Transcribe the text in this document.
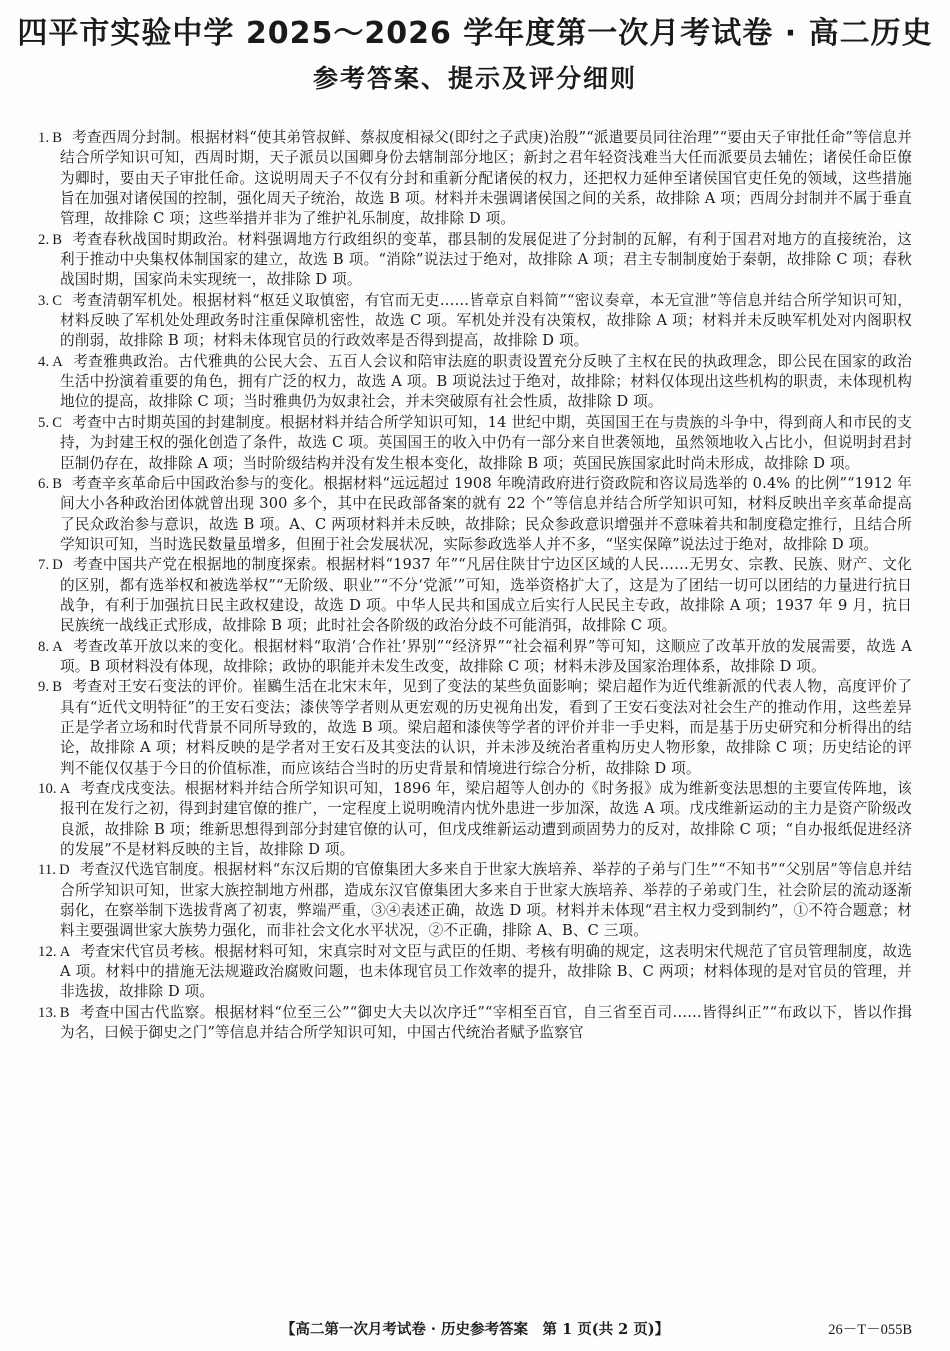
四平市实验中学 2025～2026 学年度第一次月考试卷 · 高二历史
参考答案、提示及评分细则

1. B 考查西周分封制。根据材料“使其弟管叔鲜、蔡叔度相禄父(即纣之子武庚)治殷”“派遣要员同往治理”“要由天子审批任命”等信息并结合所学知识可知，西周时期，天子派员以国卿身份去辖制部分地区；新封之君年轻资浅难当大任而派要员去辅佐；诸侯任命臣僚为卿时，要由天子审批任命。这说明周天子不仅有分封和重新分配诸侯的权力，还把权力延伸至诸侯国官吏任免的领域，这些措施旨在加强对诸侯国的控制，强化周天子统治，故选 B 项。材料并未强调诸侯国之间的关系，故排除 A 项；西周分封制并不属于垂直管理，故排除 C 项；这些举措并非为了维护礼乐制度，故排除 D 项。

2. B 考查春秋战国时期政治。材料强调地方行政组织的变革，郡县制的发展促进了分封制的瓦解，有利于国君对地方的直接统治，这利于推动中央集权体制国家的建立，故选 B 项。“消除”说法过于绝对，故排除 A 项；君主专制制度始于秦朝，故排除 C 项；春秋战国时期，国家尚未实现统一，故排除 D 项。

3. C 考查清朝军机处。根据材料“枢廷义取慎密，有官而无吏……皆章京自料简”“密议奏章，本无宣泄”等信息并结合所学知识可知，材料反映了军机处处理政务时注重保障机密性，故选 C 项。军机处并没有决策权，故排除 A 项；材料并未反映军机处对内阁职权的削弱，故排除 B 项；材料未体现官员的行政效率是否得到提高，故排除 D 项。

4. A 考查雅典政治。古代雅典的公民大会、五百人会议和陪审法庭的职责设置充分反映了主权在民的执政理念，即公民在国家的政治生活中扮演着重要的角色，拥有广泛的权力，故选 A 项。B 项说法过于绝对，故排除；材料仅体现出这些机构的职责，未体现机构地位的提高，故排除 C 项；当时雅典仍为奴隶社会，并未突破原有社会性质，故排除 D 项。

5. C 考查中古时期英国的封建制度。根据材料并结合所学知识可知，14 世纪中期，英国国王在与贵族的斗争中，得到商人和市民的支持，为封建王权的强化创造了条件，故选 C 项。英国国王的收入中仍有一部分来自世袭领地，虽然领地收入占比小，但说明封君封臣制仍存在，故排除 A 项；当时阶级结构并没有发生根本变化，故排除 B 项；英国民族国家此时尚未形成，故排除 D 项。

6. B 考查辛亥革命后中国政治参与的变化。根据材料“远远超过 1908 年晚清政府进行资政院和咨议局选举的 0.4% 的比例”“1912 年间大小各种政治团体就曾出现 300 多个，其中在民政部备案的就有 22 个”等信息并结合所学知识可知，材料反映出辛亥革命提高了民众政治参与意识，故选 B 项。A、C 两项材料并未反映，故排除；民众参政意识增强并不意味着共和制度稳定推行，且结合所学知识可知，当时选民数量虽增多，但囿于社会发展状况，实际参政选举人并不多，“坚实保障”说法过于绝对，故排除 D 项。

7. D 考查中国共产党在根据地的制度探索。根据材料“1937 年”“凡居住陕甘宁边区区域的人民……无男女、宗教、民族、财产、文化的区别，都有选举权和被选举权”“无阶级、职业”“不分‘党派’”可知，选举资格扩大了，这是为了团结一切可以团结的力量进行抗日战争，有利于加强抗日民主政权建设，故选 D 项。中华人民共和国成立后实行人民民主专政，故排除 A 项；1937 年 9 月，抗日民族统一战线正式形成，故排除 B 项；此时社会各阶级的政治分歧不可能消弭，故排除 C 项。

8. A 考查改革开放以来的变化。根据材料“取消‘合作社’界别”“经济界”“社会福利界”等可知，这顺应了改革开放的发展需要，故选 A 项。B 项材料没有体现，故排除；政协的职能并未发生改变，故排除 C 项；材料未涉及国家治理体系，故排除 D 项。

9. B 考查对王安石变法的评价。崔鶠生活在北宋末年，见到了变法的某些负面影响；梁启超作为近代维新派的代表人物，高度评价了具有“近代文明特征”的王安石变法；漆侠等学者则从更宏观的历史视角出发，看到了王安石变法对社会生产的推动作用，这些差异正是学者立场和时代背景不同所导致的，故选 B 项。梁启超和漆侠等学者的评价并非一手史料，而是基于历史研究和分析得出的结论，故排除 A 项；材料反映的是学者对王安石及其变法的认识，并未涉及统治者重构历史人物形象，故排除 C 项；历史结论的评判不能仅仅基于今日的价值标准，而应该结合当时的历史背景和情境进行综合分析，故排除 D 项。

10. A 考查戊戌变法。根据材料并结合所学知识可知，1896 年，梁启超等人创办的《时务报》成为维新变法思想的主要宣传阵地，该报刊在发行之初，得到封建官僚的推广，一定程度上说明晚清内忧外患进一步加深，故选 A 项。戊戌维新运动的主力是资产阶级改良派，故排除 B 项；维新思想得到部分封建官僚的认可，但戊戌维新运动遭到顽固势力的反对，故排除 C 项；“自办报纸促进经济的发展”不是材料反映的主旨，故排除 D 项。

11. D 考查汉代选官制度。根据材料“东汉后期的官僚集团大多来自于世家大族培养、举荐的子弟与门生”“不知书”“父别居”等信息并结合所学知识可知，世家大族控制地方州郡，造成东汉官僚集团大多来自于世家大族培养、举荐的子弟或门生，社会阶层的流动逐渐弱化，在察举制下选拔背离了初衷，弊端严重，③④表述正确，故选 D 项。材料并未体现“君主权力受到制约”，①不符合题意；材料主要强调世家大族势力强化，而非社会文化水平状况，②不正确，排除 A、B、C 三项。

12. A 考查宋代官员考核。根据材料可知，宋真宗时对文臣与武臣的任期、考核有明确的规定，这表明宋代规范了官员管理制度，故选 A 项。材料中的措施无法规避政治腐败问题，也未体现官员工作效率的提升，故排除 B、C 两项；材料体现的是对官员的管理，并非选拔，故排除 D 项。

13. B 考查中国古代监察。根据材料“位至三公”“御史大夫以次序迁”“宰相至百官，自三省至百司……皆得纠正”“布政以下，皆以作揖为名，曰候于御史之门”等信息并结合所学知识可知，中国古代统治者赋予监察官

【高二第一次月考试卷 · 历史参考答案　第 1 页(共 2 页)】	26－T－055B
